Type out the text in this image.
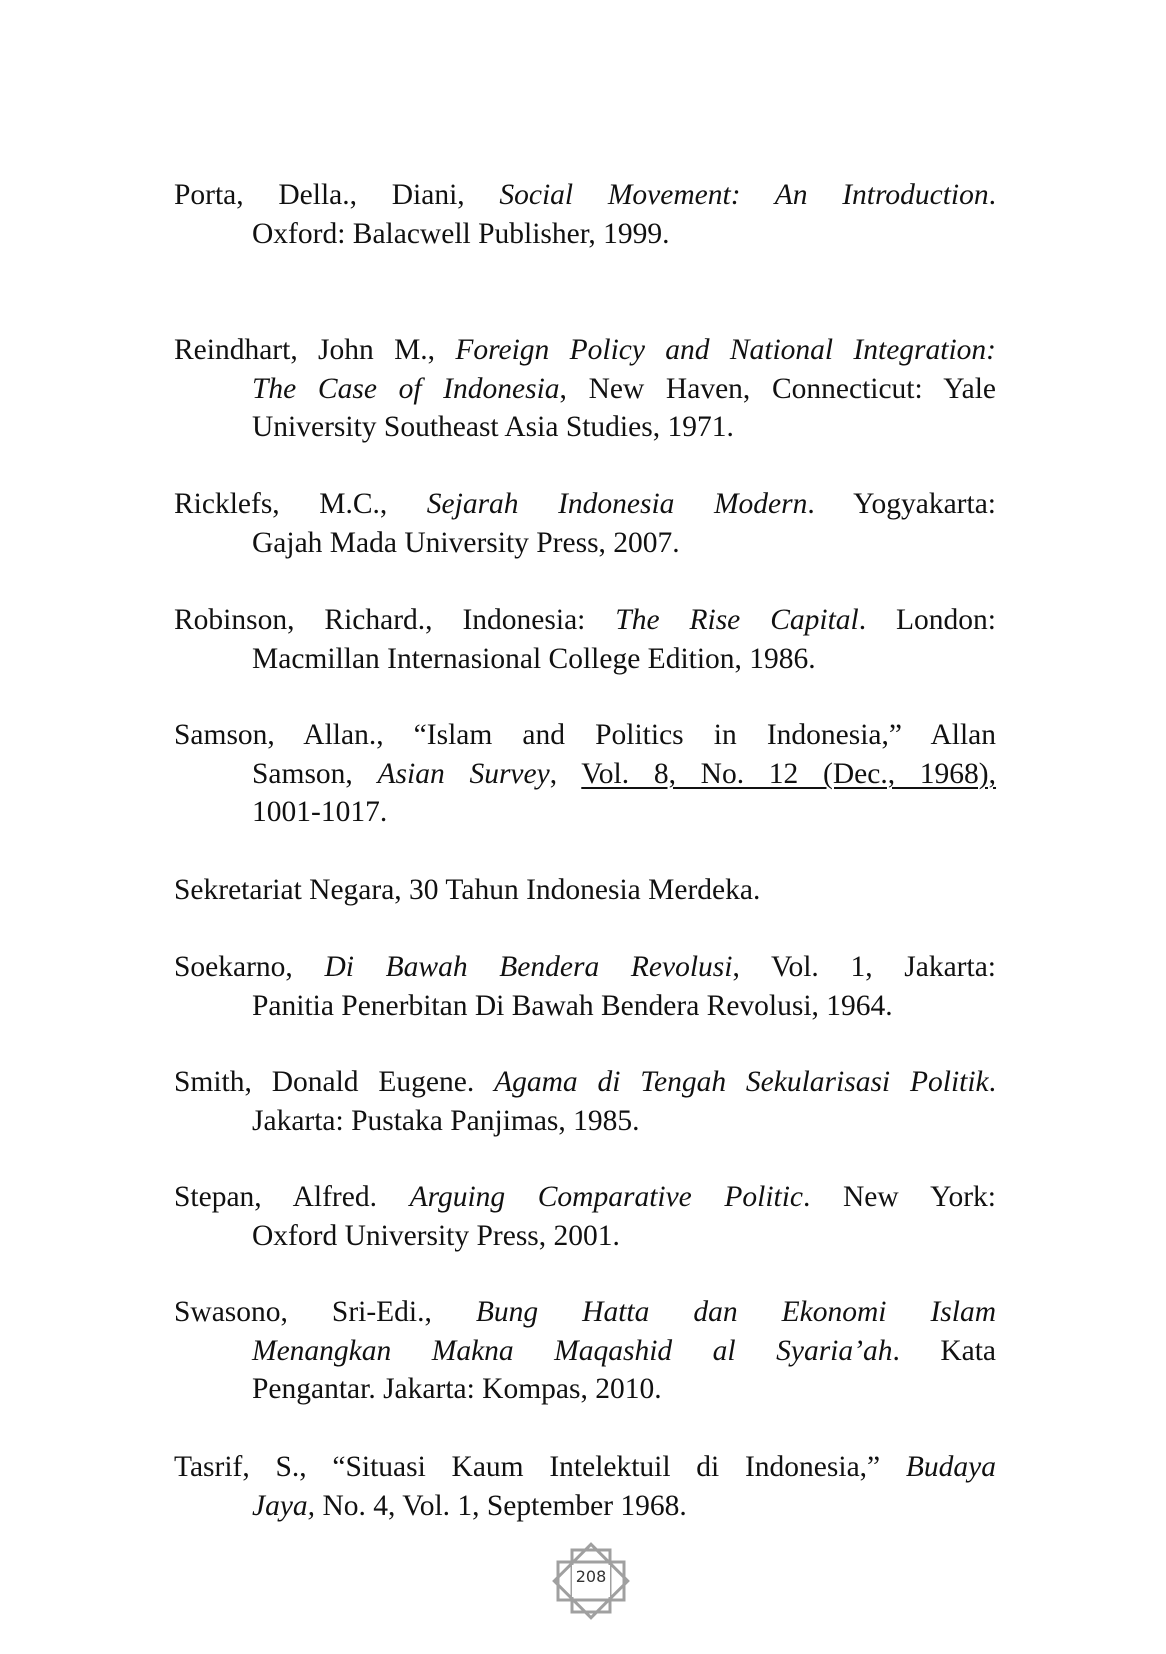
Porta, Della., Diani, Social Movement: An Introduction.
Oxford: Balacwell Publisher, 1999.
Reindhart, John M., Foreign Policy and National Integration:
The Case of Indonesia, New Haven, Connecticut: Yale
University Southeast Asia Studies, 1971.
Ricklefs, M.C., Sejarah Indonesia Modern. Yogyakarta:
Gajah Mada University Press, 2007.
Robinson, Richard., Indonesia: The Rise Capital. London:
Macmillan Internasional College Edition, 1986.
Samson, Allan., “Islam and Politics in Indonesia,” Allan
Samson, Asian Survey, Vol. 8, No. 12 (Dec., 1968),
1001-1017.
Sekretariat Negara, 30 Tahun Indonesia Merdeka.
Soekarno, Di Bawah Bendera Revolusi, Vol. 1, Jakarta:
Panitia Penerbitan Di Bawah Bendera Revolusi, 1964.
Smith, Donald Eugene. Agama di Tengah Sekularisasi Politik.
Jakarta: Pustaka Panjimas, 1985.
Stepan, Alfred. Arguing Comparative Politic. New York:
Oxford University Press, 2001.
Swasono, Sri-Edi., Bung Hatta dan Ekonomi Islam
Menangkan Makna Maqashid al Syaria’ah. Kata
Pengantar. Jakarta: Kompas, 2010.
Tasrif, S., “Situasi Kaum Intelektuil di Indonesia,” Budaya
Jaya, No. 4, Vol. 1, September 1968.
208
